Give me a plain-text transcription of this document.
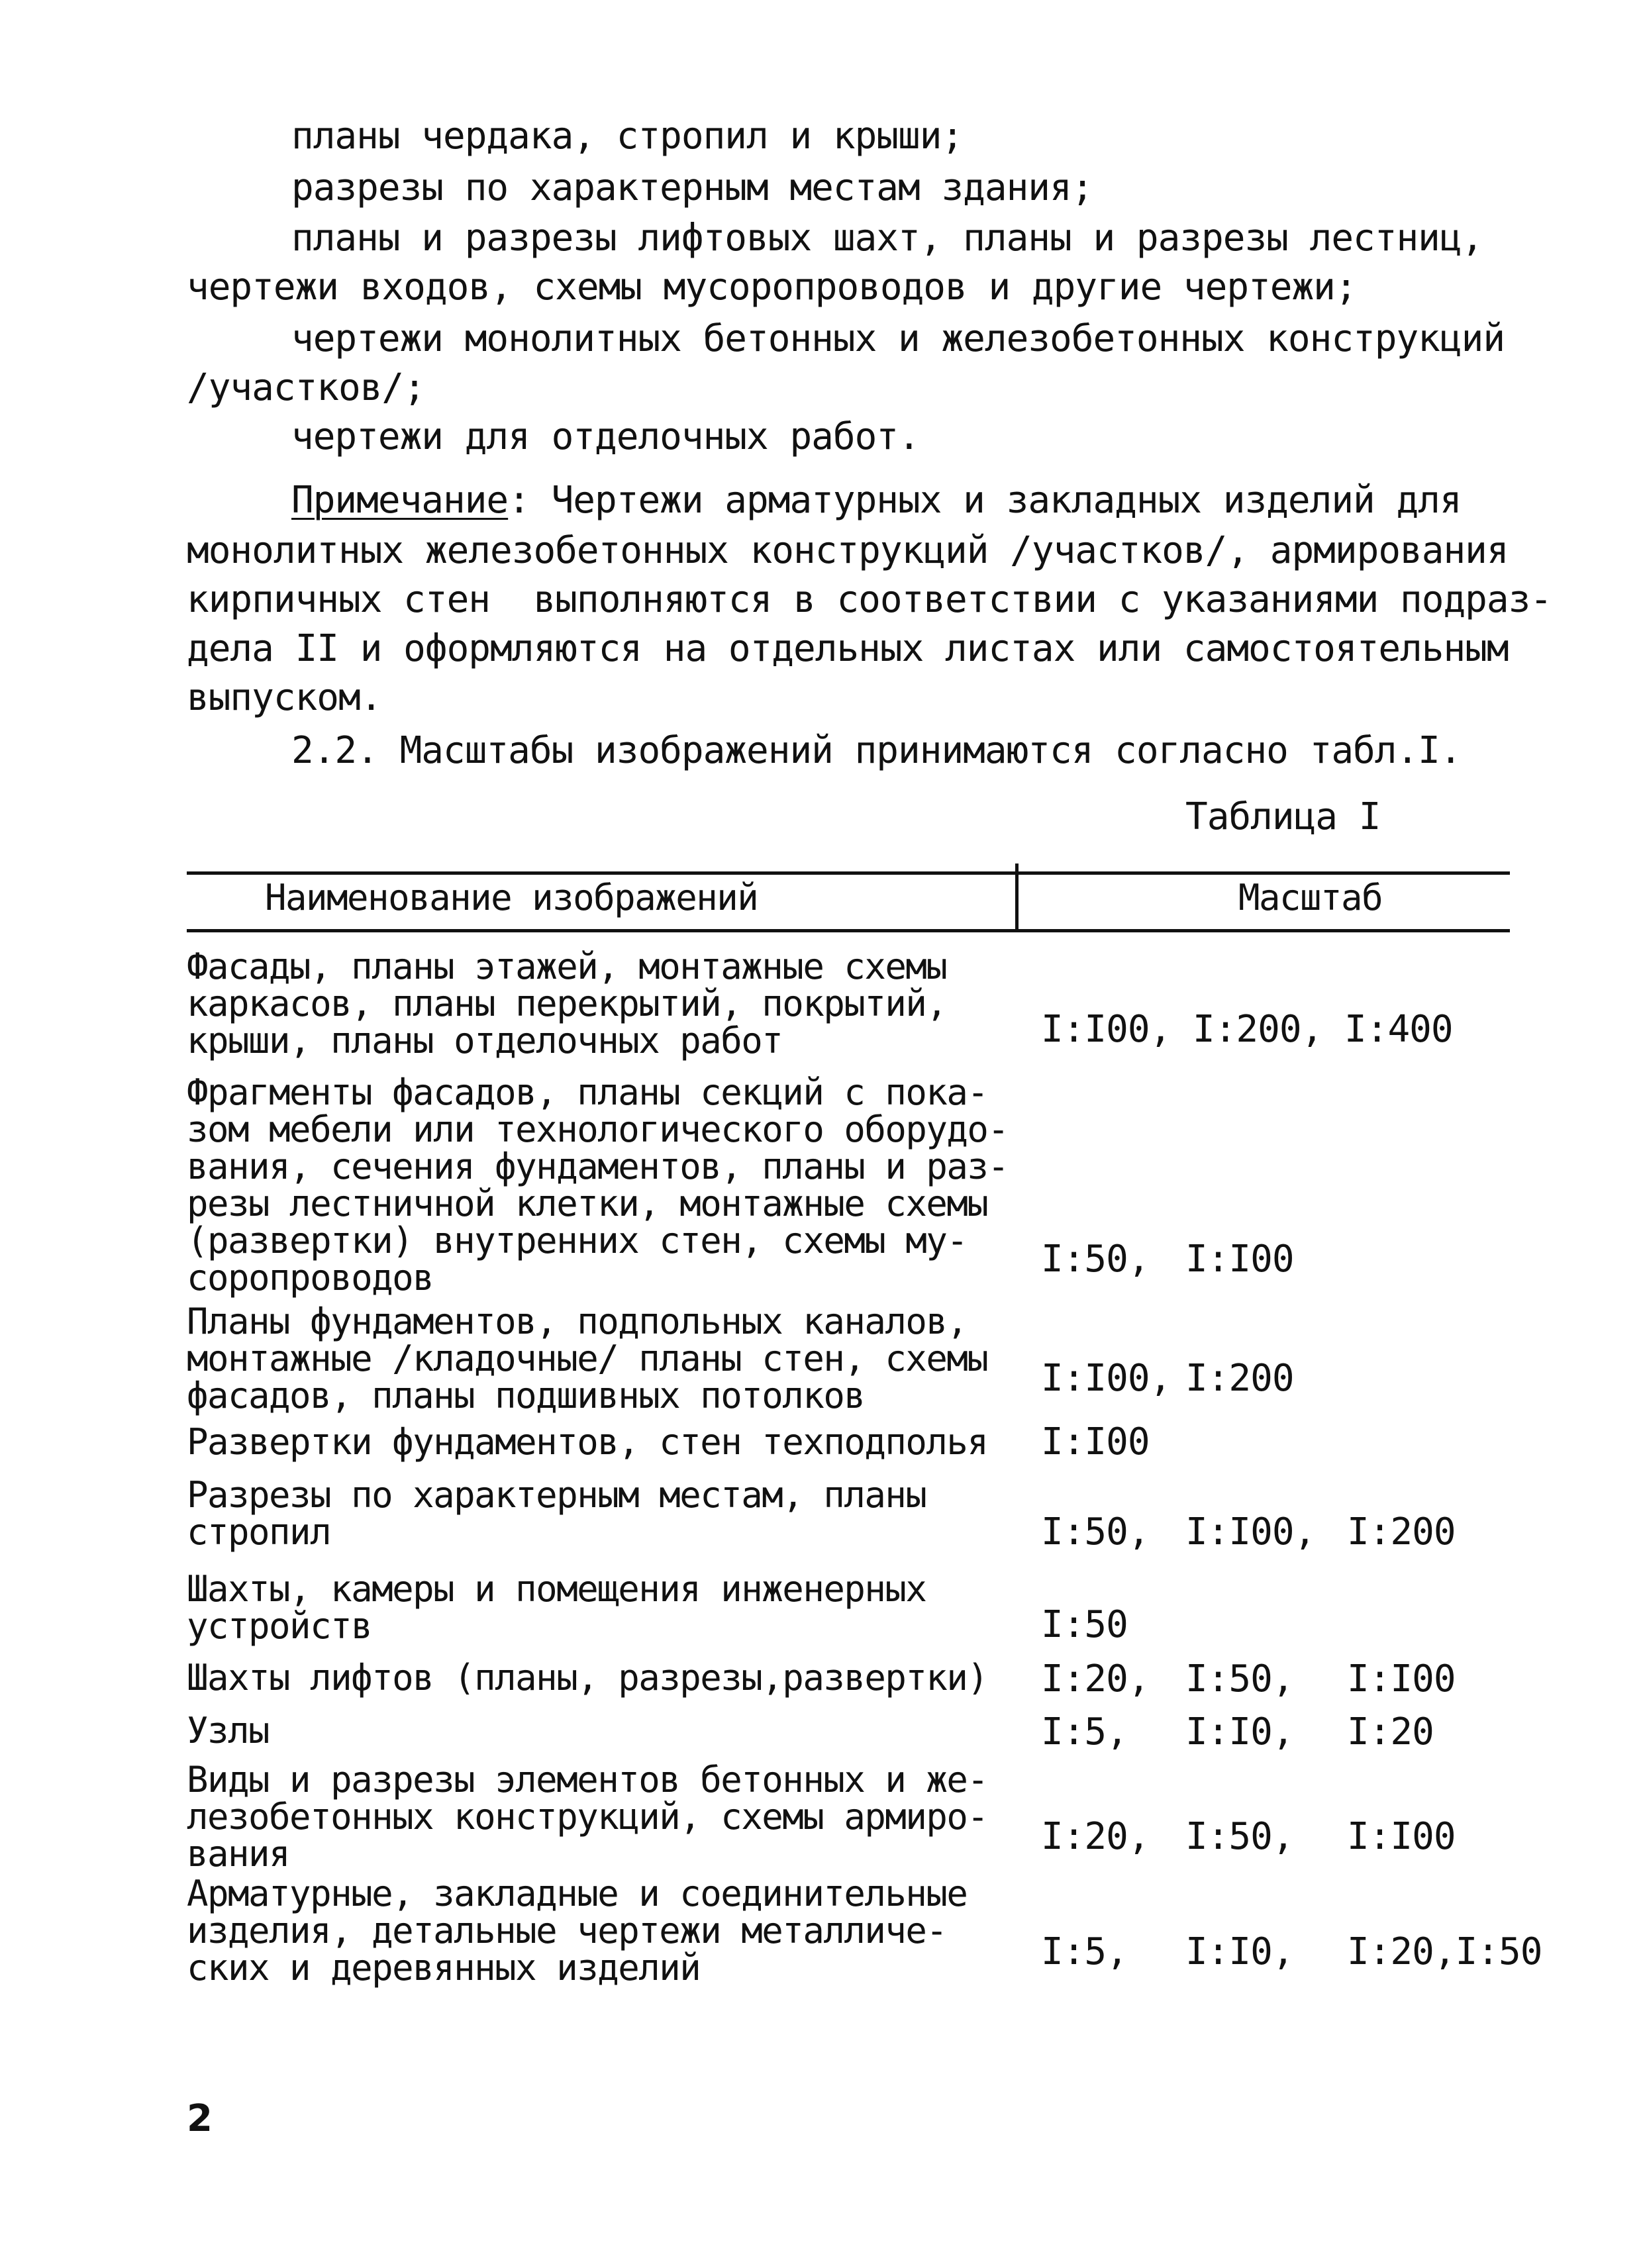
планы чердака, стропил и крыши;
разрезы по характерным местам здания;
планы и разрезы лифтовых шахт, планы и разрезы лестниц,
чертежи входов, схемы мусоропроводов и другие чертежи;
чертежи монолитных бетонных и железобетонных конструкций
/участков/;
чертежи для отделочных работ.
Примечание: Чертежи арматурных и закладных изделий для
монолитных железобетонных конструкций /участков/, армирования
кирпичных стен  выполняются в соответствии с указаниями подраз-
дела II и оформляются на отдельных листах или самостоятельным
выпуском.
2.2. Масштабы изображений принимаются согласно табл.I.
Таблица I
Наименование изображений	Масштаб
Фасады, планы этажей, монтажные схемы
каркасов, планы перекрытий, покрытий,
крыши, планы отделочных работ	I:I00, I:200, I:400
Фрагменты фасадов, планы секций с пока-
зом мебели или технологического оборудо-
вания, сечения фундаментов, планы и раз-
резы лестничной клетки, монтажные схемы
(развертки) внутренних стен, схемы му-
соропроводов	I:50, I:I00
Планы фундаментов, подпольных каналов,
монтажные /кладочные/ планы стен, схемы
фасадов, планы подшивных потолков	I:I00, I:200
Развертки фундаментов, стен техподполья I:I00
Разрезы по характерным местам, планы
стропил	I:50, I:I00, I:200
Шахты, камеры и помещения инженерных
устройств	I:50
Шахты лифтов (планы, разрезы,развертки) I:20, I:50, I:I00
Узлы	I:5, I:I0, I:20
Виды и разрезы элементов бетонных и же-
лезобетонных конструкций, схемы армиро-
вания	I:20, I:50, I:I00
Арматурные, закладные и соединительные
изделия, детальные чертежи металличе-
ских и деревянных изделий	I:5, I:I0, I:20,I:50
2
